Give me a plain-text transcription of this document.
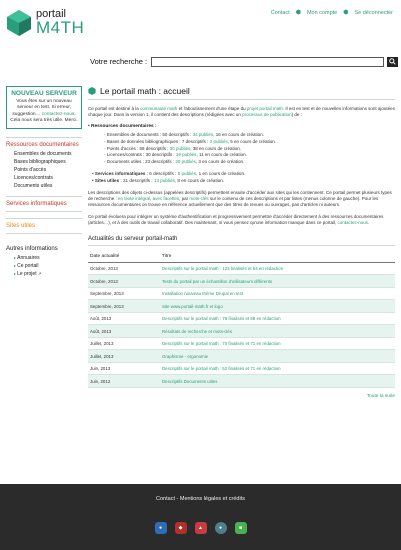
portail
M4TH
Contact ⬢ Mon compte ⬢ Se déconnecter
Votre recherche :
NOUVEAU SERVEUR
Vous êtes sur un nouveau serveur en test. Si erreur, suggestion… contactez-nous. Cela nous sera très utile. Merci.
Ressources documentaires
Ensembles de documents
Bases bibliographiques
Points d'accès
Licences/contrats
Documents utiles
Services informatiques
Sites utiles
Autres informations
▸ Annuaires
▸ Ce portail
▸ Le projet ↗
Le portail math : accueil

Ce portail est destiné à la communauté math et l'aboutissement d'une étape du projet portail math. Il est en test et de nouvelles informations sont ajoutées chaque jour. Dans la version 1, il contient des descriptions (rédigées avec un processus de publication) de :

• Ressources documentaires :
◦ Ensembles de documents : 50 descriptifs : 34 publiés, 16 en cours de création.
◦ Bases de données bibliographiques : 7 descriptifs : 2 publiés, 5 en cours de création.
◦ Points d'accès : 68 descriptifs : 30 publiés, 38 en cours de création.
◦ Licences/contrats : 30 descriptifs : 19 publiés, 11 en cours de création.
◦ Documents utiles : 23 descriptifs : 20 publiés, 3 en cours de création.
• Services informatiques : 6 descriptifs : 5 publiés, 1 en cours de création.
• Sites utiles : 21 descriptifs : 13 publiés, 8 en cours de création.

Les descriptions des objets ci-dessus (appelées descriptifs) permettent ensuite d'accéder aux sites qui les contiennent. Ce portail permet plusieurs types de recherche : en texte intégral, avec facettes, par mots-clés sur le contenu de ces descriptions et par listes (menus colonne de gauche). Pour les ressources documentaires on trouve en référence actuellement que des titres de revues ou ouvrages, pas d'articles ni auteurs.

Ce portail évoluera pour intégrer un système d'authentification et progressivement permettre d'accéder directement à des ressources documentaires (articles…), et à des outils de travail collaboratif. Des maintenant, si vous pensez qu'une information manque dans ce portail, contactez-nous.

Actualités du serveur portail-math
Date actualité	Titre
Octobre, 2013	Descriptifs sur le portail math : 123 finalisés et 64 en rédaction
Octobre, 2013	Tests du portail par un échantillon d'utilisateurs différents
Septembre, 2013	Installation nouveau thème Drupal en test
Septembre, 2013	Site www.portail-math.fr et logo
Août, 2013	Descriptifs sur le portail math : 78 finalisés et 68 en rédaction
Août, 2013	Résultats de recherche et mots-clés
Juillet, 2013	Descriptifs sur le portail math : 70 finalisés et 71 en rédaction
Juillet, 2013	Graphisme - ergonomie
Juin, 2013	Descriptifs sur le portail math : 52 finalisés et 71 en rédaction
Juin, 2012	Descriptifs Documents utiles
Toute la suite
Contact - Mentions légales et crédits
●	◆	▲	●	■
